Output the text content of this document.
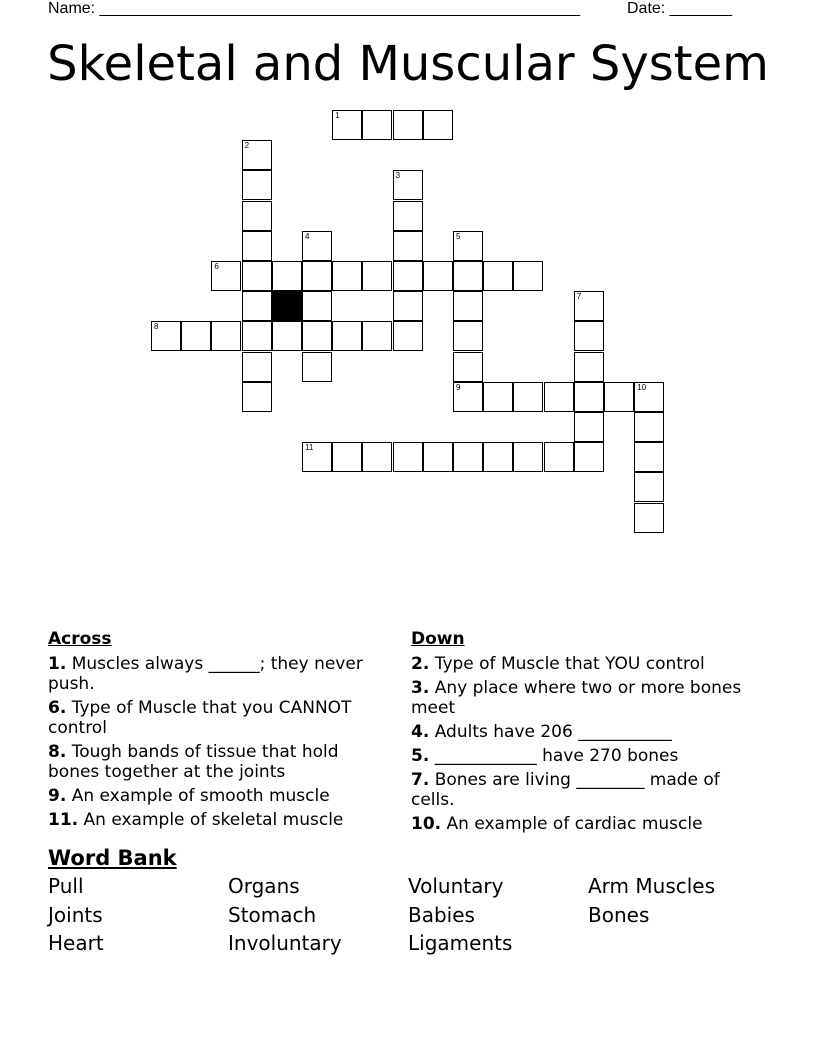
Name: ______________________________________________________	Date: _______
Skeletal and Muscular System
1
2
3
4	5
9
6
7
8
10
11
Across
1. Muscles always ______; they never push.
6. Type of Muscle that you CANNOT control
8. Tough bands of tissue that hold bones together at the joints
9. An example of smooth muscle
11. An example of skeletal muscle
Down
2. Type of Muscle that YOU control
3. Any place where two or more bones meet
4. Adults have 206 ___________
5. ____________ have 270 bones
7. Bones are living ________ made of cells.
10. An example of cardiac muscle
Word Bank
Pull	Organs	Voluntary	Arm Muscles
Joints	Stomach	Babies	Bones
Heart	Involuntary	Ligaments
